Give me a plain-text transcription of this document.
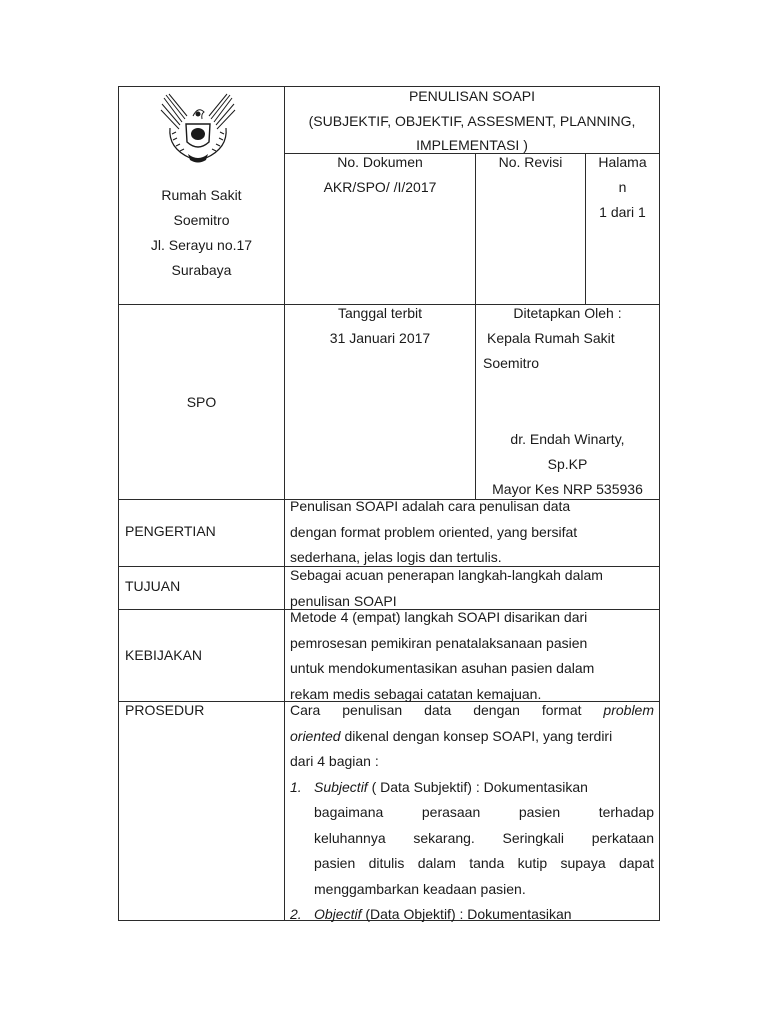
Rumah Sakit
Soemitro
Jl. Serayu no.17
Surabaya
PENULISAN SOAPI
(SUBJEKTIF, OBJEKTIF, ASSESMENT, PLANNING,
IMPLEMENTASI )
No. Dokumen
AKR/SPO/ /I/2017
No. Revisi	Halama
n
1 dari 1
SPO
Tanggal terbit
31 Januari 2017
Ditetapkan Oleh :
Kepala Rumah Sakit
Soemitro
dr. Endah Winarty,
Sp.KP
Mayor Kes NRP 535936
PENGERTIAN
Penulisan SOAPI adalah cara penulisan data
dengan format problem oriented, yang bersifat
sederhana, jelas logis dan tertulis.
TUJUAN
Sebagai acuan penerapan langkah-langkah dalam
penulisan SOAPI
KEBIJAKAN
Metode 4 (empat) langkah SOAPI disarikan dari
pemrosesan pemikiran penatalaksanaan pasien
untuk mendokumentasikan asuhan pasien dalam
rekam medis sebagai catatan kemajuan.
PROSEDUR	Cara penulisan data dengan format problem
oriented dikenal dengan konsep SOAPI, yang terdiri
dari 4 bagian :
1. Subjectif ( Data Subjektif) : Dokumentasikan
bagaimana perasaan pasien terhadap
keluhannya sekarang. Seringkali perkataan
pasien ditulis dalam tanda kutip supaya dapat
menggambarkan keadaan pasien.
2. Objectif (Data Objektif) : Dokumentasikan
